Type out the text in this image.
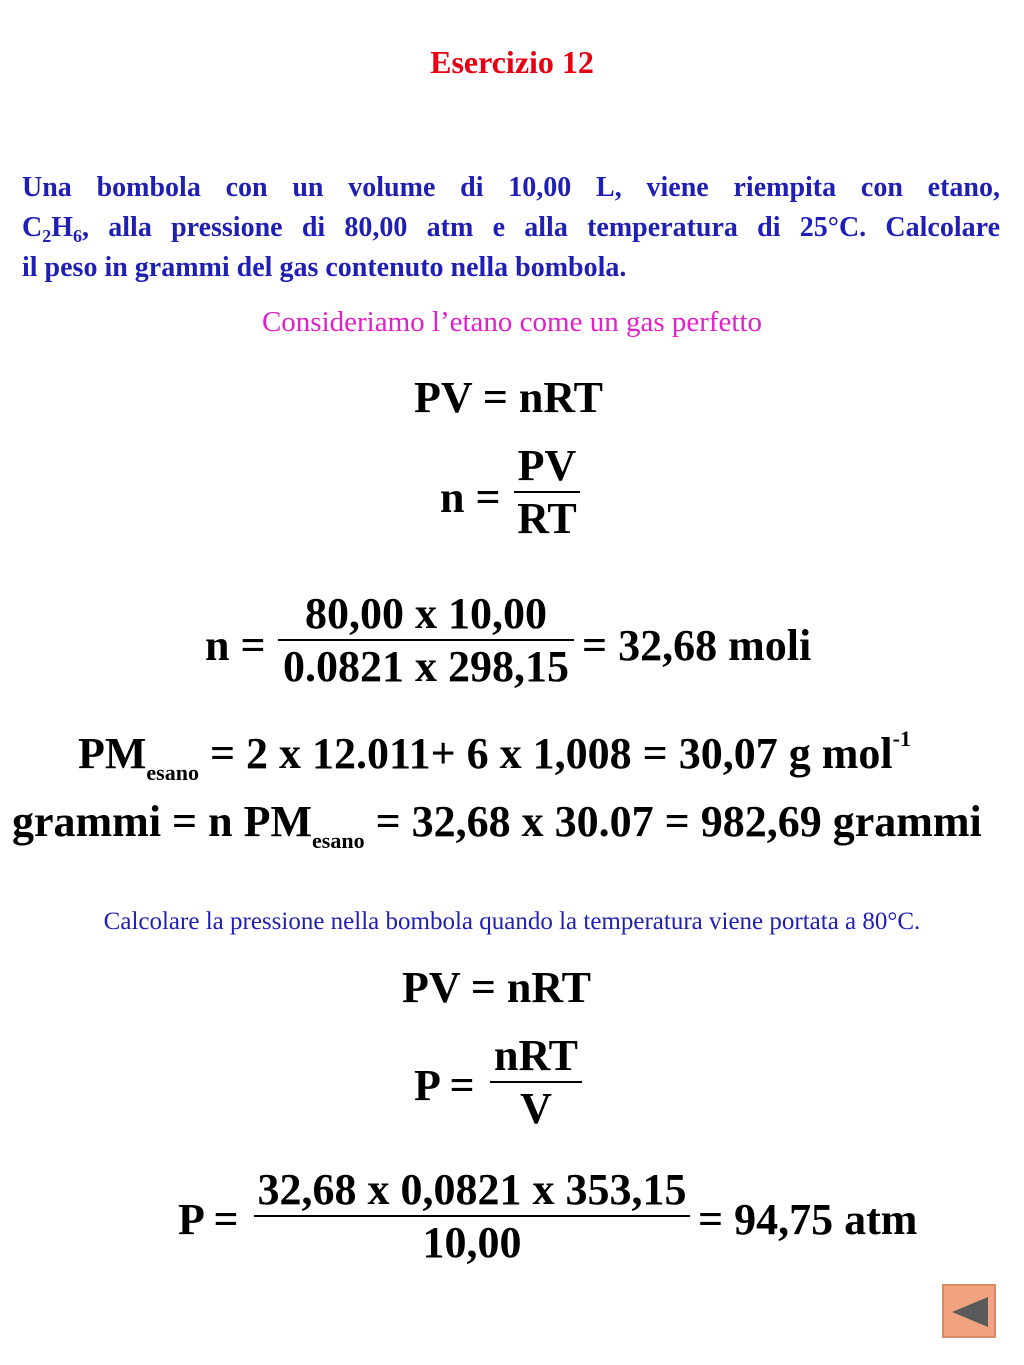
Esercizio 12
Una bombola con un volume di 10,00 L, viene riempita con etano,
$C_2H_6$, alla pressione di 80,00 atm e alla temperatura di 25°C. Calcolare
il peso in grammi del gas contenuto nella bombola.
Consideriamo l’etano come un gas perfetto
PV = nRT
n =
PV
RT
n =
80,00 x 10,00
0.0821 x 298,15 = 32,68 moli
$PM_{esano} = 2$ x 12.011+ 6 x 1,008 = 30,07 g mol$^{-1}$
grammi = n $PM_{esano} = 32,68$ x 30.07 = 982,69 grammi
Calcolare la pressione nella bombola quando la temperatura viene portata a 80°C.
PV = nRT
P =
nRT
V
P =
32,68 x 0,0821 x 353,15
10,00	= 94,75 atm
